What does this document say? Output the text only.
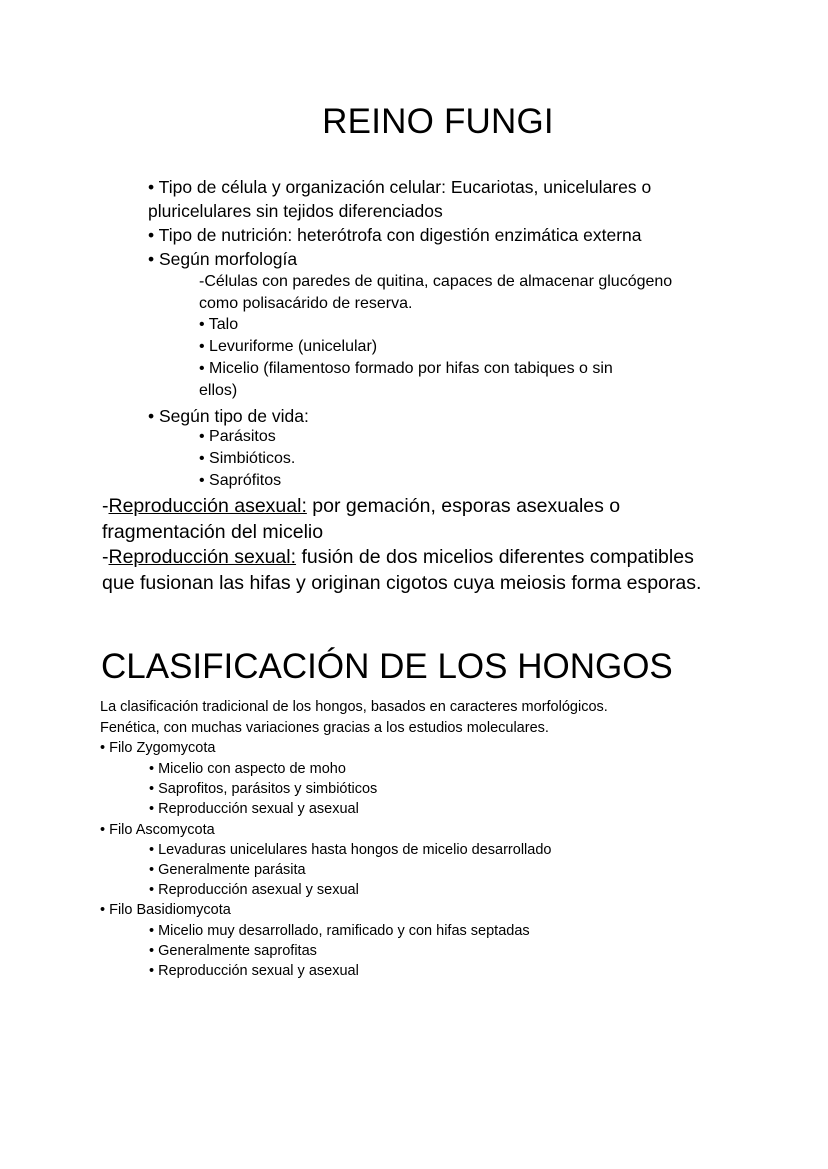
REINO FUNGI
• Tipo de célula y organización celular: Eucariotas, unicelulares o pluricelulares sin tejidos diferenciados
• Tipo de nutrición: heterótrofa con digestión enzimática externa
• Según morfología
-Células con paredes de quitina, capaces de almacenar glucógeno como polisacárido de reserva.
• Talo
• Levuriforme (unicelular)
• Micelio (filamentoso formado por hifas con tabiques o sin ellos)
• Según tipo de vida:
• Parásitos
• Simbióticos.
• Saprófitos
-Reproducción asexual: por gemación, esporas asexuales o fragmentación del micelio
-Reproducción sexual: fusión de dos micelios diferentes compatibles que fusionan las hifas y originan cigotos cuya meiosis forma esporas.
CLASIFICACIÓN DE LOS HONGOS
La clasificación tradicional de los hongos, basados en caracteres morfológicos. Fenética, con muchas variaciones gracias a los estudios moleculares.
• Filo Zygomycota
• Micelio con aspecto de moho
• Saprofitos, parásitos y simbióticos
• Reproducción sexual y asexual
• Filo Ascomycota
• Levaduras unicelulares hasta hongos de micelio desarrollado
• Generalmente parásita
• Reproducción asexual y sexual
• Filo Basidiomycota
• Micelio muy desarrollado, ramificado y con hifas septadas
• Generalmente saprofitas
• Reproducción sexual y asexual
